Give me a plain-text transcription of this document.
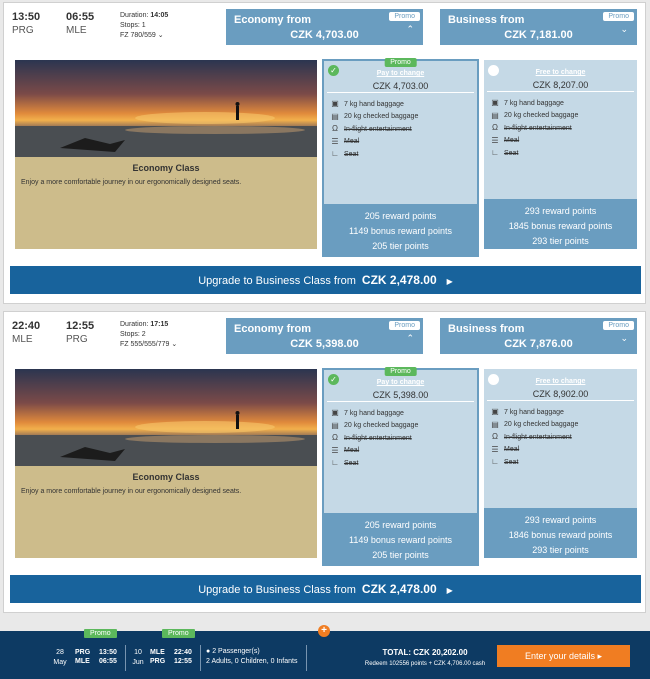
13:50 06:55
PRG	MLE
Duration: 14:05
Stops: 1
FZ 780/559 ⌄
Promo
Economy from
CZK 4,703.00	⌃
Promo
Business from
CZK 7,181.00	⌄
Economy Class
Enjoy a more comfortable journey in our ergonomically designed seats.
✓
Promo
Pay to change
CZK 4,703.00
▣ 7 kg hand baggage
▤ 20 kg checked baggage
Ω In-flight entertainment
☰ Meal
∟ Seat
205 reward points
1149 bonus reward points
205 tier points
Free to change
CZK 8,207.00
▣ 7 kg hand baggage
▤ 20 kg checked baggage
Ω In-flight entertainment
☰ Meal
∟ Seat
293 reward points
1845 bonus reward points
293 tier points
Upgrade to Business Class from CZK 2,478.00 ▶
22:40 12:55
MLE	PRG
Duration: 17:15
Stops: 2
FZ 555/555/779 ⌄
Promo
Economy from
CZK 5,398.00	⌃
Promo
Business from
CZK 7,876.00	⌄
Economy Class
Enjoy a more comfortable journey in our ergonomically designed seats.
✓
Promo
Pay to change
CZK 5,398.00
▣ 7 kg hand baggage
▤ 20 kg checked baggage
Ω In-flight entertainment
☰ Meal
∟ Seat
205 reward points
1149 bonus reward points
205 tier points
Free to change
CZK 8,902.00
▣ 7 kg hand baggage
▤ 20 kg checked baggage
Ω In-flight entertainment
☰ Meal
∟ Seat
293 reward points
1846 bonus reward points
293 tier points
Upgrade to Business Class from CZK 2,478.00 ▶
+
28
May
Promo
PRG
MLE
13:50
06:55
10
Jun
Promo
MLE
PRG
22:40
12:55
● 2 Passenger(s)
2 Adults, 0 Children, 0 Infants
TOTAL: CZK 20,202.00
Redeem 102556 points + CZK 4,706.00 cash
Enter your details ▸
